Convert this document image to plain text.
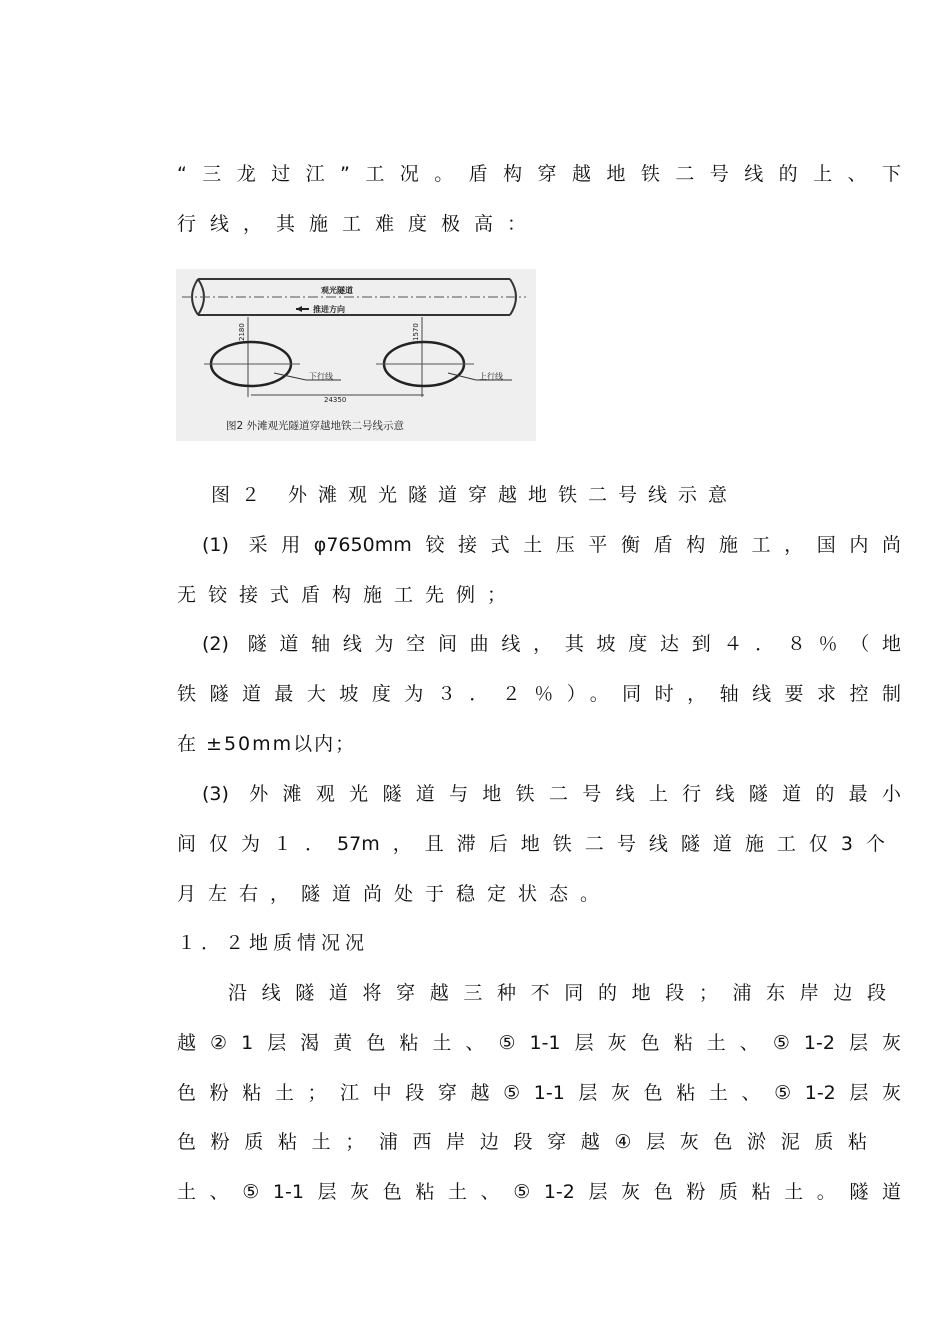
“三龙过江”工况。盾构穿越地铁二号线的上、下
行线，其施工难度极高：
观光隧道
推进方向
2180	1570
下行线	上行线
24350
图2 外滩观光隧道穿越地铁二号线示意
图２ 外滩观光隧道穿越地铁二号线示意
(1) 采用φ7650mm铰接式土压平衡盾构施工，国内尚
无铰接式盾构施工先例；
(2) 隧道轴线为空间曲线，其坡度达到４．８％（地
铁隧道最大坡度为３．２％）。同时，轴线要求控制
在 ±50mm以内；
(3) 外滩观光隧道与地铁二号线上行线隧道的最小
间仅为１．57m，且滞后地铁二号线隧道施工仅3个
月左右，隧道尚处于稳定状态。
１．２地质情况况
沿线隧道将穿越三种不同的地段；浦东岸边段
越②1层渴黄色粘土、⑤1-1层灰色粘土、⑤1-2层灰
色粉粘土；江中段穿越⑤1-1层灰色粘土、⑤1-2层灰
色粉质粘土；浦西岸边段穿越④层灰色淤泥质粘
土、⑤1-1层灰色粘土、⑤1-2层灰色粉质粘土。隧道
